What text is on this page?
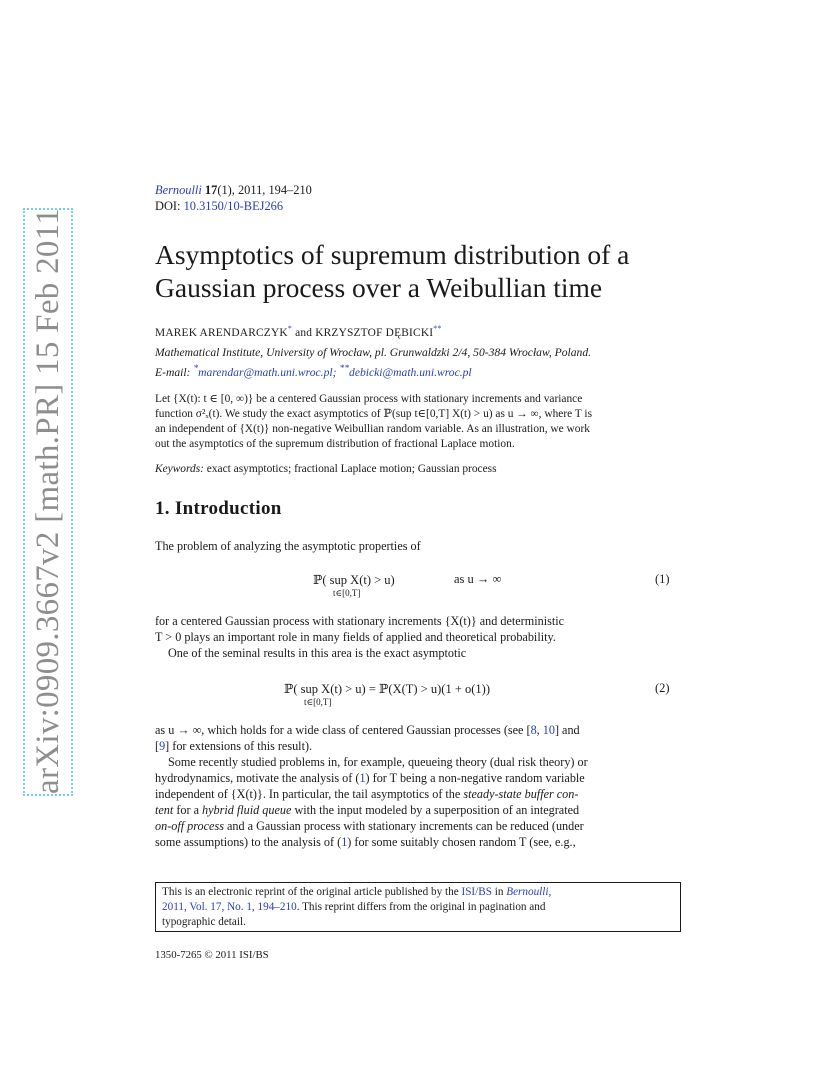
arXiv:0909.3667v2 [math.PR] 15 Feb 2011
Bernoulli 17(1), 2011, 194–210
DOI: 10.3150/10-BEJ266
Asymptotics of supremum distribution of a
Gaussian process over a Weibullian time
MAREK ARENDARCZYK* and KRZYSZTOF DĘBICKI**
Mathematical Institute, University of Wrocław, pl. Grunwaldzki 2/4, 50-384 Wrocław, Poland.
E-mail: *marendar@math.uni.wroc.pl; **debicki@math.uni.wroc.pl
Let {X(t): t ∈ [0, ∞)} be a centered Gaussian process with stationary increments and variance
function σ²ₓ(t). We study the exact asymptotics of ℙ(sup t∈[0,T] X(t) > u) as u → ∞, where T is
an independent of {X(t)} non-negative Weibullian random variable. As an illustration, we work
out the asymptotics of the supremum distribution of fractional Laplace motion.
Keywords: exact asymptotics; fractional Laplace motion; Gaussian process
1. Introduction
The problem of analyzing the asymptotic properties of
ℙ( sup X(t) > u)
t∈[0,T]
as u → ∞	(1)
for a centered Gaussian process with stationary increments {X(t)} and deterministic
T > 0 plays an important role in many fields of applied and theoretical probability.
One of the seminal results in this area is the exact asymptotic
ℙ( sup X(t) > u) = ℙ(X(T) > u)(1 + o(1))
t∈[0,T]
(2)
as u → ∞, which holds for a wide class of centered Gaussian processes (see [8, 10] and
[9] for extensions of this result).
Some recently studied problems in, for example, queueing theory (dual risk theory) or
hydrodynamics, motivate the analysis of (1) for T being a non-negative random variable
independent of {X(t)}. In particular, the tail asymptotics of the steady-state buffer con-
tent for a hybrid fluid queue with the input modeled by a superposition of an integrated
on-off process and a Gaussian process with stationary increments can be reduced (under
some assumptions) to the analysis of (1) for some suitably chosen random T (see, e.g.,
This is an electronic reprint of the original article published by the ISI/BS in Bernoulli,
2011, Vol. 17, No. 1, 194–210. This reprint differs from the original in pagination and
typographic detail.
1350-7265 © 2011 ISI/BS
